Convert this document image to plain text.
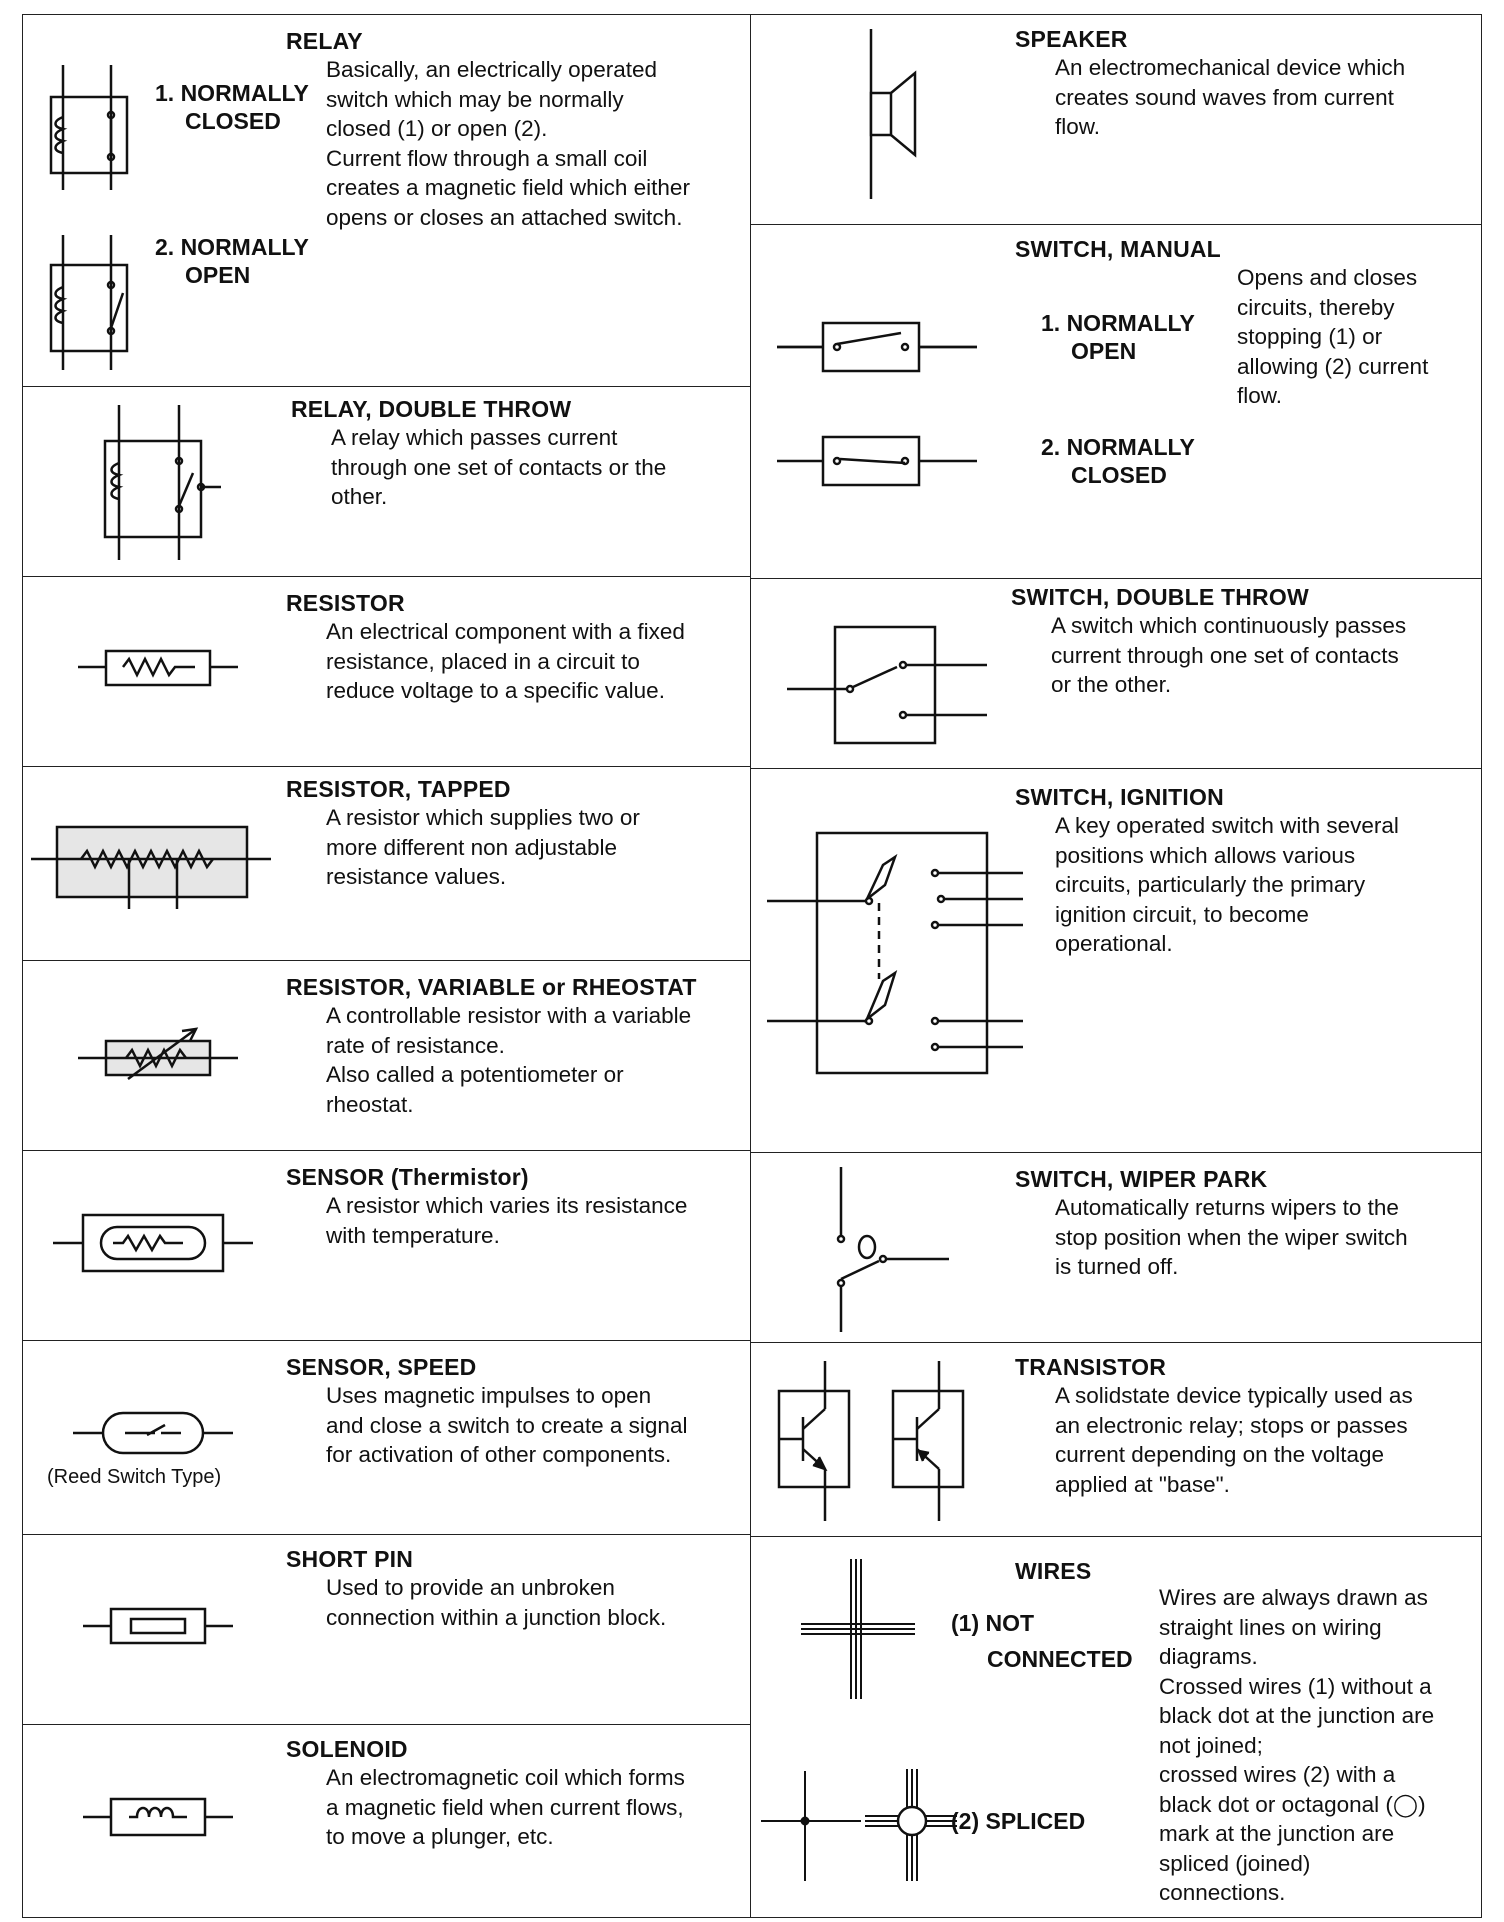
1. NORMALLY
CLOSED
2. NORMALLY
OPEN
RELAY
Basically, an electrically operated
switch which may be normally
closed (1) or open (2).
Current flow through a small coil
creates a magnetic field which either
opens or closes an attached switch.
RELAY, DOUBLE THROW
A relay which passes current
through one set of contacts or the
other.
RESISTOR
An electrical component with a fixed
resistance, placed in a circuit to
reduce voltage to a specific value.
RESISTOR, TAPPED
A resistor which supplies two or
more different non adjustable
resistance values.
RESISTOR, VARIABLE or RHEOSTAT
A controllable resistor with a variable
rate of resistance.
Also called a potentiometer or
rheostat.
SENSOR (Thermistor)
A resistor which varies its resistance
with temperature.
(Reed Switch Type)
SENSOR, SPEED
Uses magnetic impulses to open
and close a switch to create a signal
for activation of other components.
SHORT PIN
Used to provide an unbroken
connection within a junction block.
SOLENOID
An electromagnetic coil which forms
a magnetic field when current flows,
to move a plunger, etc.
SPEAKER
An electromechanical device which
creates sound waves from current
flow.
1. NORMALLY
OPEN
2. NORMALLY
CLOSED
SWITCH, MANUAL
Opens and closes
circuits, thereby
stopping (1) or
allowing (2) current
flow.
SWITCH, DOUBLE THROW
A switch which continuously passes
current through one set of contacts
or the other.
SWITCH, IGNITION
A key operated switch with several
positions which allows various
circuits, particularly the primary
ignition circuit, to become
operational.
SWITCH, WIPER PARK
Automatically returns wipers to the
stop position when the wiper switch
is turned off.
TRANSISTOR
A solidstate device typically used as
an electronic relay; stops or passes
current depending on the voltage
applied at "base".
(1) NOT
CONNECTED
(2) SPLICED
WIRES
Wires are always drawn as
straight lines on wiring
diagrams.
Crossed wires (1) without a
black dot at the junction are
not joined;
crossed wires (2) with a
black dot or octagonal (◯)
mark at the junction are
spliced (joined)
connections.
